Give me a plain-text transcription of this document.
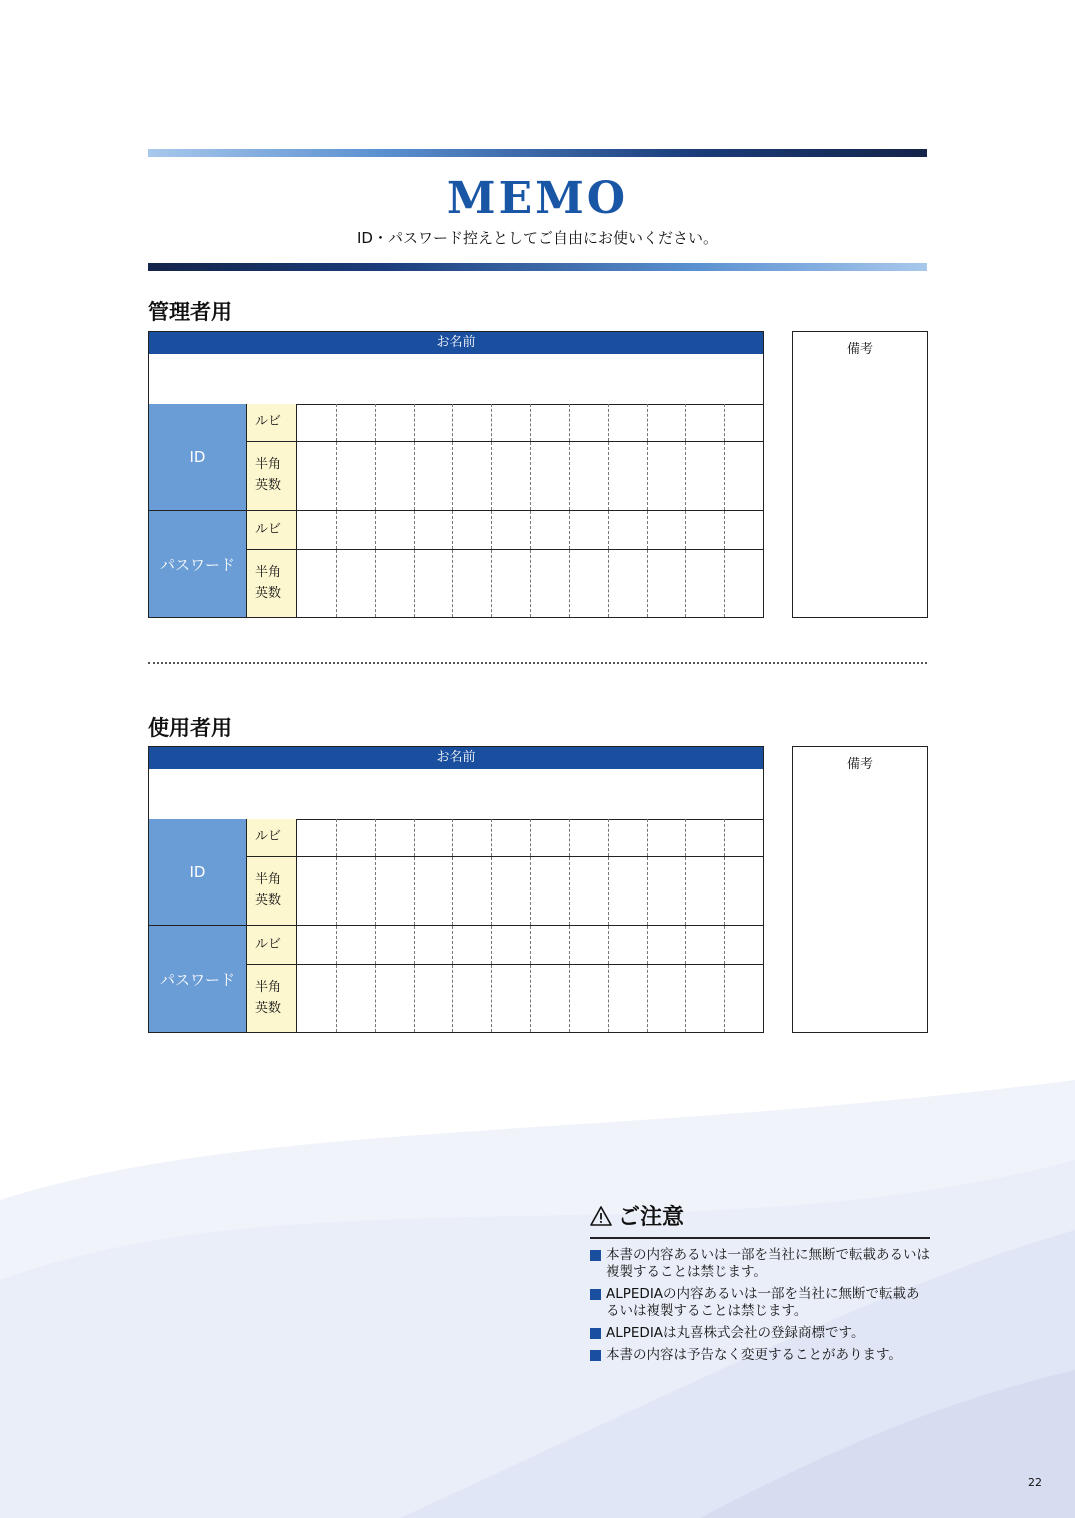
MEMO
ID・パスワード控えとしてご自由にお使いください。
管理者用
お名前
ID
ルビ
半角
英数
パスワード
ルビ
半角
英数
備考
使用者用
お名前
ID
ルビ
半角
英数
パスワード
ルビ
半角
英数
備考
ご注意
本書の内容あるいは一部を当社に無断で転載あるいは複製することは禁じます。
ALPEDIAの内容あるいは一部を当社に無断で転載あるいは複製することは禁じます。
ALPEDIAは丸喜株式会社の登録商標です。
本書の内容は予告なく変更することがあります。
22
